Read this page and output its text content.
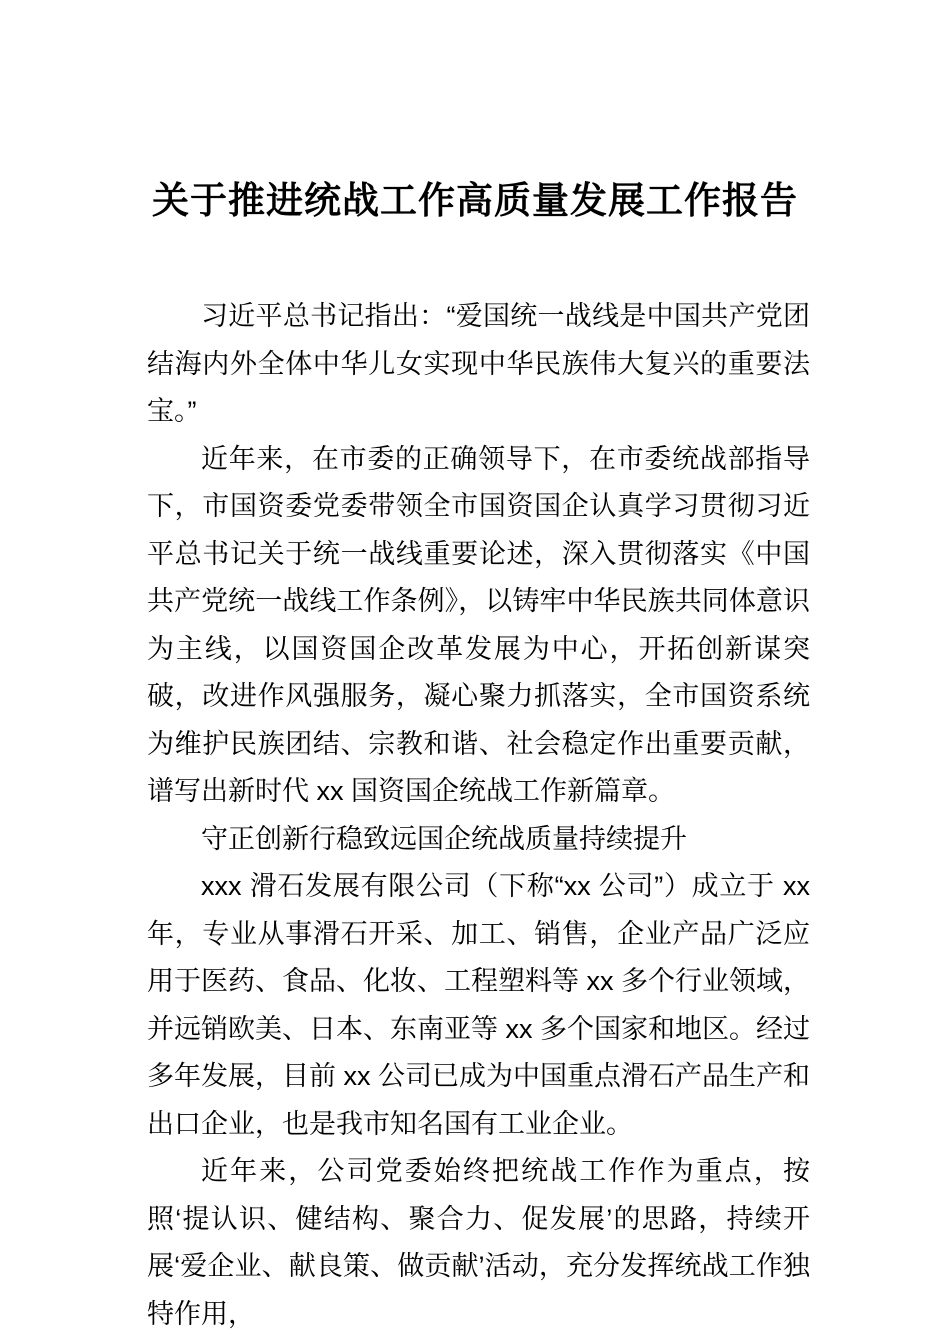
关于推进统战工作高质量发展工作报告

习近平总书记指出：“爱国统一战线是中国共产党团结海内外全体中华儿女实现中华民族伟大复兴的重要法宝。”

近年来，在市委的正确领导下，在市委统战部指导下，市国资委党委带领全市国资国企认真学习贯彻习近平总书记关于统一战线重要论述，深入贯彻落实《中国共产党统一战线工作条例》，以铸牢中华民族共同体意识为主线，以国资国企改革发展为中心，开拓创新谋突破，改进作风强服务，凝心聚力抓落实，全市国资系统为维护民族团结、宗教和谐、社会稳定作出重要贡献，谱写出新时代 xx 国资国企统战工作新篇章。

守正创新行稳致远国企统战质量持续提升

xxx 滑石发展有限公司（下称“xx 公司”）成立于 xx 年，专业从事滑石开采、加工、销售，企业产品广泛应用于医药、食品、化妆、工程塑料等 xx 多个行业领域，并远销欧美、日本、东南亚等 xx 多个国家和地区。经过多年发展，目前 xx 公司已成为中国重点滑石产品生产和出口企业，也是我市知名国有工业企业。

近年来，公司党委始终把统战工作作为重点，按照‘提认识、健结构、聚合力、促发展’的思路，持续开展‘爱企业、献良策、做贡献’活动，充分发挥统战工作独特作用，
